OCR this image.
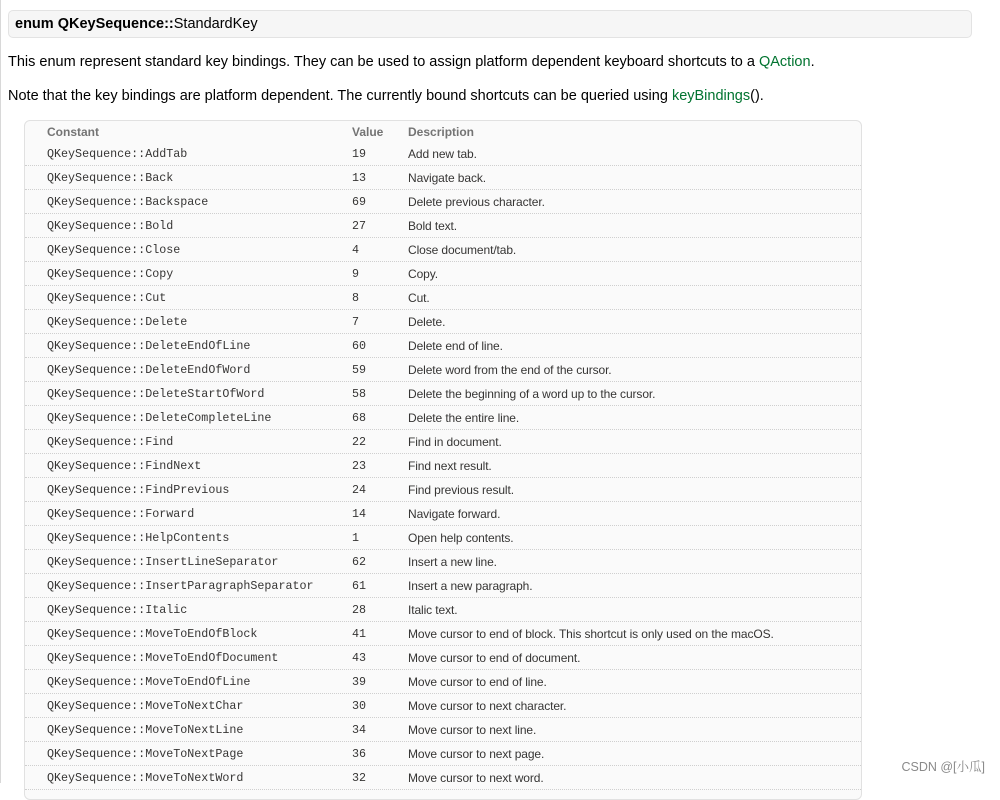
enum QKeySequence::StandardKey
This enum represent standard key bindings. They can be used to assign platform dependent keyboard shortcuts to a QAction.
Note that the key bindings are platform dependent. The currently bound shortcuts can be queried using keyBindings().
Constant	Value Description
QKeySequence::AddTab	19	Add new tab.
QKeySequence::Back	13	Navigate back.
QKeySequence::Backspace	69	Delete previous character.
QKeySequence::Bold	27	Bold text.
QKeySequence::Close	4	Close document/tab.
QKeySequence::Copy	9	Copy.
QKeySequence::Cut	8	Cut.
QKeySequence::Delete	7	Delete.
QKeySequence::DeleteEndOfLine	60	Delete end of line.
QKeySequence::DeleteEndOfWord	59	Delete word from the end of the cursor.
QKeySequence::DeleteStartOfWord	58	Delete the beginning of a word up to the cursor.
QKeySequence::DeleteCompleteLine	68	Delete the entire line.
QKeySequence::Find	22	Find in document.
QKeySequence::FindNext	23	Find next result.
QKeySequence::FindPrevious	24	Find previous result.
QKeySequence::Forward	14	Navigate forward.
QKeySequence::HelpContents	1	Open help contents.
QKeySequence::InsertLineSeparator	62	Insert a new line.
QKeySequence::InsertParagraphSeparator	61	Insert a new paragraph.
QKeySequence::Italic	28	Italic text.
QKeySequence::MoveToEndOfBlock	41	Move cursor to end of block. This shortcut is only used on the macOS.
QKeySequence::MoveToEndOfDocument	43	Move cursor to end of document.
QKeySequence::MoveToEndOfLine	39	Move cursor to end of line.
QKeySequence::MoveToNextChar	30	Move cursor to next character.
QKeySequence::MoveToNextLine	34	Move cursor to next line.
QKeySequence::MoveToNextPage	36	Move cursor to next page.
QKeySequence::MoveToNextWord	32	Move cursor to next word.
CSDN @[小瓜]
